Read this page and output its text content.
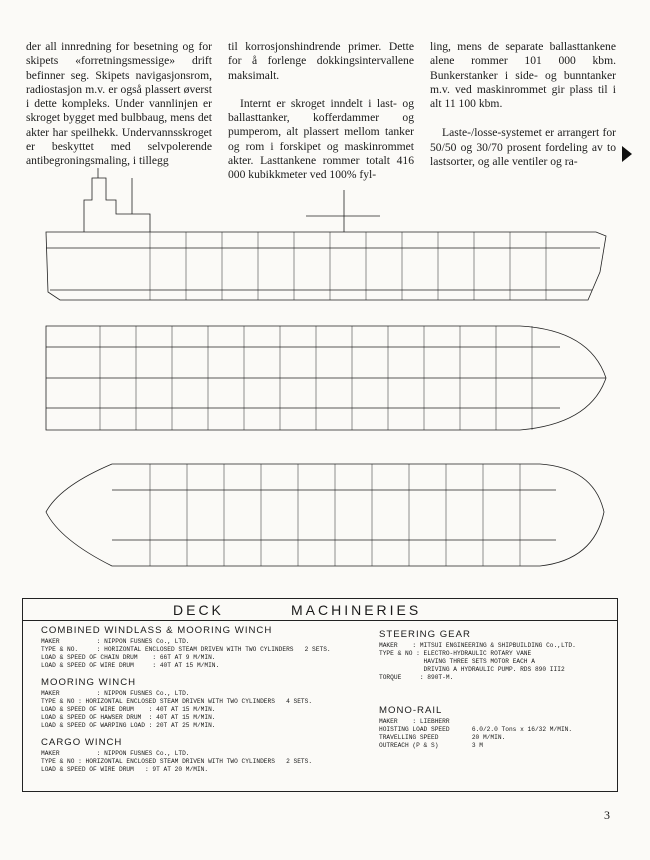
der all innredning for besetning og for skipets «forretningsmessige» drift befinner seg. Skipets navigasjonsrom, radiostasjon m.v. er også plassert øverst i dette kompleks. Under vannlinjen er skroget bygget med bulbbaug, mens det akter har speilhekk. Undervannsskroget er beskyttet med selvpolerende antibegroningsmaling, i tillegg

til korrosjonshindrende primer. Dette for å forlenge dokkingsintervallene maksimalt.

Internt er skroget inndelt i last- og ballasttanker, kofferdammer og pumperom, alt plassert mellom tanker og rom i forskipet og maskinrommet akter. Lasttankene rommer totalt 416 000 kubikkmeter ved 100% fyl-

ling, mens de separate ballasttankene alene rommer 101 000 kbm. Bunkerstanker i side- og bunntanker m.v. ved maskinrommet gir plass til i alt 11 100 kbm.

Laste-/losse-systemet er arrangert for 50/50 og 30/70 prosent fordeling av to lastsorter, og alle ventiler og ra-

DECK	MACHINERIES
COMBINED WINDLASS & MOORING WINCH
MAKER          : NIPPON FUSNES Co., LTD.
TYPE & NO.     : HORIZONTAL ENCLOSED STEAM DRIVEN WITH TWO CYLINDERS   2 SETS.
LOAD & SPEED OF CHAIN DRUM    : 66T AT 9 M/MIN.
LOAD & SPEED OF WIRE DRUM     : 40T AT 15 M/MIN.
MOORING WINCH
MAKER          : NIPPON FUSNES Co., LTD.
TYPE & NO : HORIZONTAL ENCLOSED STEAM DRIVEN WITH TWO CYLINDERS   4 SETS.
LOAD & SPEED OF WIRE DRUM    : 40T AT 15 M/MIN.
LOAD & SPEED OF HAWSER DRUM  : 40T AT 15 M/MIN.
LOAD & SPEED OF WARPING LOAD : 20T AT 25 M/MIN.
CARGO WINCH
MAKER          : NIPPON FUSNES Co., LTD.
TYPE & NO : HORIZONTAL ENCLOSED STEAM DRIVEN WITH TWO CYLINDERS   2 SETS.
LOAD & SPEED OF WIRE DRUM   : 9T AT 20 M/MIN.
STEERING GEAR
MAKER    : MITSUI ENGINEERING & SHIPBUILDING Co.,LTD.
TYPE & NO : ELECTRO-HYDRAULIC ROTARY VANE
HAVING THREE SETS MOTOR EACH A
DRIVING A HYDRAULIC PUMP. RDS 890 III2
TORQUE     : 890T-M.
MONO-RAIL
MAKER    : LIEBHERR
HOISTING LOAD SPEED      6.0/2.0 Tons x 16/32 M/MIN.
TRAVELLING SPEED         20 M/MIN.
OUTREACH (P & S)         3 M
3
